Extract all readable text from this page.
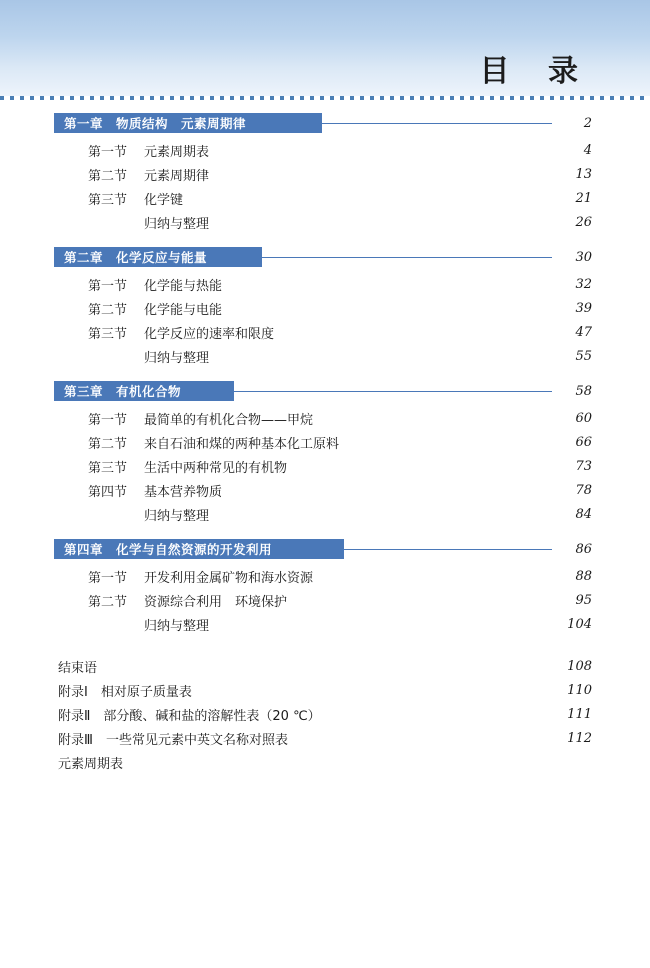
目 录
第一章　物质结构　元素周期律	2
第一节	元素周期表	4
第二节	元素周期律	13
第三节	化学键	21
归纳与整理	26
第二章　化学反应与能量	30
第一节	化学能与热能	32
第二节	化学能与电能	39
第三节	化学反应的速率和限度	47
归纳与整理	55
第三章　有机化合物	58
第一节	最简单的有机化合物——甲烷	60
第二节	来自石油和煤的两种基本化工原料	66
第三节	生活中两种常见的有机物	73
第四节	基本营养物质	78
归纳与整理	84
第四章　化学与自然资源的开发利用	86
第一节	开发利用金属矿物和海水资源	88
第二节	资源综合利用　环境保护	95
归纳与整理	104
结束语	108
附录Ⅰ　相对原子质量表	110
附录Ⅱ　部分酸、碱和盐的溶解性表（20 ℃）	111
附录Ⅲ　一些常见元素中英文名称对照表	112
元素周期表
